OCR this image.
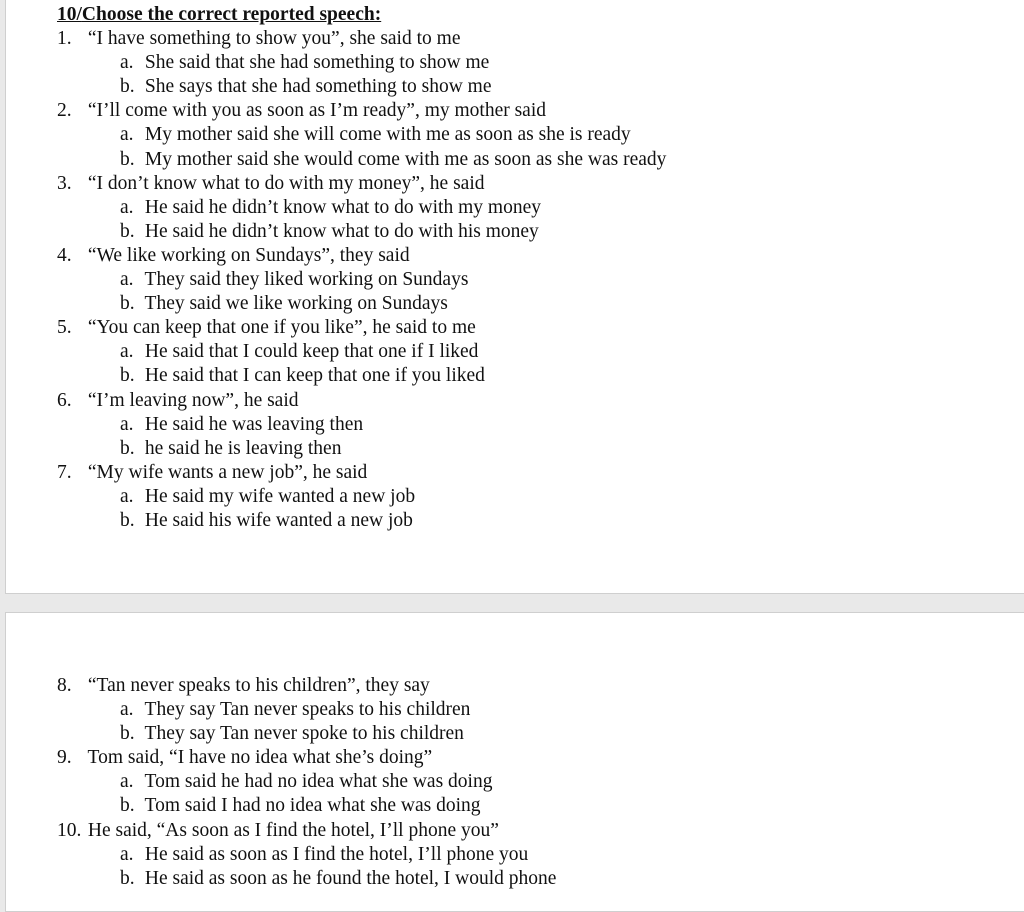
10/Choose the correct reported speech:
1. “I have something to show you”, she said to me
a. She said that she had something to show me
b. She says that she had something to show me
2. “I’ll come with you as soon as I’m ready”, my mother said
a. My mother said she will come with me as soon as she is ready
b. My mother said she would come with me as soon as she was ready
3. “I don’t know what to do with my money”, he said
a. He said he didn’t know what to do with my money
b. He said he didn’t know what to do with his money
4. “We like working on Sundays”, they said
a. They said they liked working on Sundays
b. They said we like working on Sundays
5. “You can keep that one if you like”, he said to me
a. He said that I could keep that one if I liked
b. He said that I can keep that one if you liked
6. “I’m leaving now”, he said
a. He said he was leaving then
b. he said he is leaving then
7. “My wife wants a new job”, he said
a. He said my wife wanted a new job
b. He said his wife wanted a new job
8. “Tan never speaks to his children”, they say
a. They say Tan never speaks to his children
b. They say Tan never spoke to his children
9. Tom said, “I have no idea what she’s doing”
a. Tom said he had no idea what she was doing
b. Tom said I had no idea what she was doing
10. He said, “As soon as I find the hotel, I’ll phone you”
a. He said as soon as I find the hotel, I’ll phone you
b. He said as soon as he found the hotel, I would phone
